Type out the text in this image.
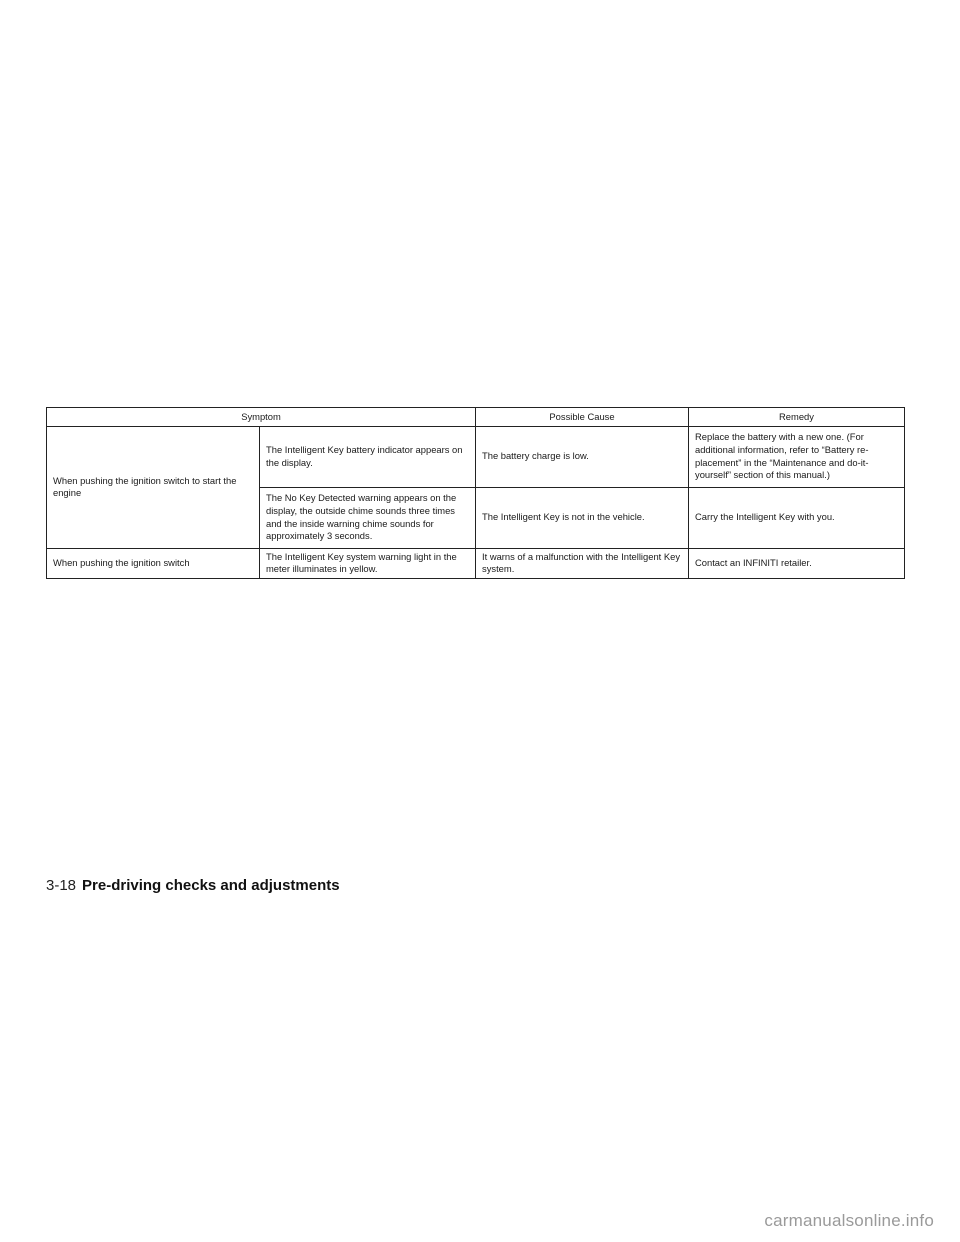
Symptom		Possible Cause	Remedy
When pushing the ignition switch to start the engine	The Intelligent Key battery indicator appears on the display.	The battery charge is low.	Replace the battery with a new one. (For additional information, refer to “Battery re-placement” in the “Maintenance and do-it-yourself” section of this manual.)
	The No Key Detected warning appears on the display, the outside chime sounds three times and the inside warning chime sounds for approximately 3 seconds.	The Intelligent Key is not in the vehicle.	Carry the Intelligent Key with you.
When pushing the ignition switch	The Intelligent Key system warning light in the meter illuminates in yellow.	It warns of a malfunction with the Intelligent Key system.	Contact an INFINITI retailer.
3-18 Pre-driving checks and adjustments
carmanualsonline.info
